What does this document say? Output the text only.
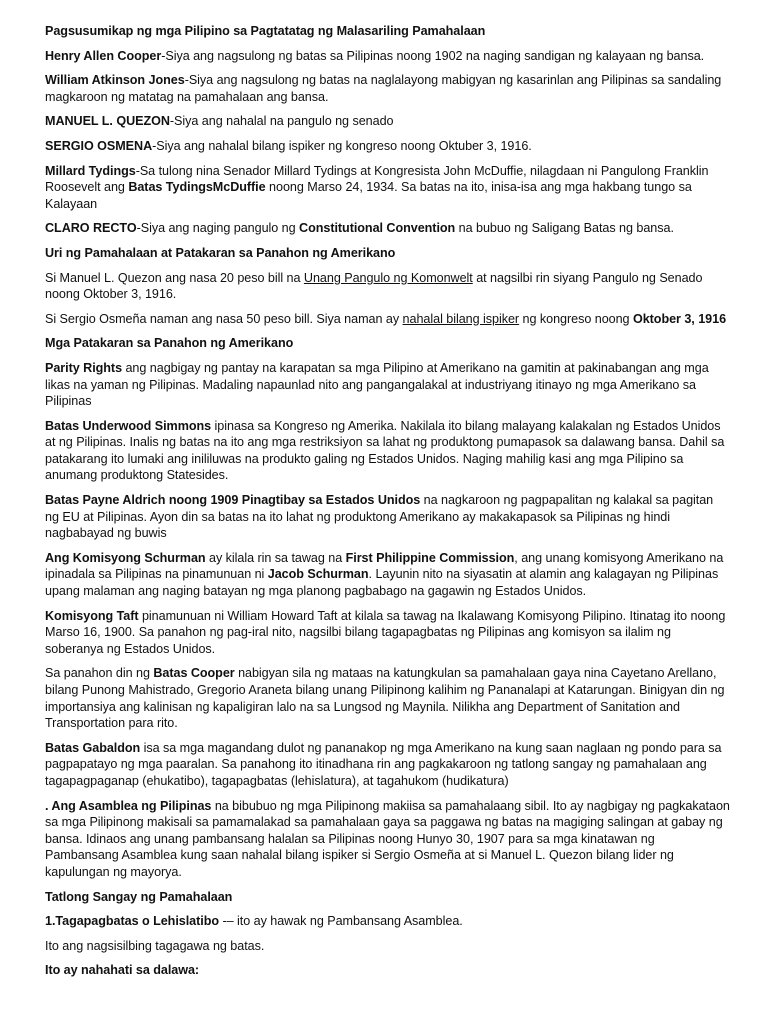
Pagsusumikap ng mga Pilipino sa Pagtatatag ng Malasariling Pamahalaan

Henry Allen Cooper-Siya ang nagsulong ng batas sa Pilipinas noong 1902 na naging sandigan ng kalayaan ng bansa.

William Atkinson Jones-Siya ang nagsulong ng batas na naglalayong mabigyan ng kasarinlan ang Pilipinas sa sandaling magkaroon ng matatag na pamahalaan ang bansa.

MANUEL L. QUEZON-Siya ang nahalal na pangulo ng senado

SERGIO OSMENA-Siya ang nahalal bilang ispiker ng kongreso noong Oktuber 3, 1916.

Millard Tydings-Sa tulong nina Senador Millard Tydings at Kongresista John McDuffie, nilagdaan ni Pangulong Franklin Roosevelt ang Batas TydingsMcDuffie noong Marso 24, 1934. Sa batas na ito, inisa-isa ang mga hakbang tungo sa Kalayaan

CLARO RECTO-Siya ang naging pangulo ng Constitutional Convention na bubuo ng Saligang Batas ng bansa.

Uri ng Pamahalaan at Patakaran sa Panahon ng Amerikano

Si Manuel L. Quezon ang nasa 20 peso bill na Unang Pangulo ng Komonwelt at nagsilbi rin siyang Pangulo ng Senado noong Oktober 3, 1916.

Si Sergio Osmeña naman ang nasa 50 peso bill. Siya naman ay nahalal bilang ispiker ng kongreso noong Oktober 3, 1916

Mga Patakaran sa Panahon ng Amerikano

Parity Rights ang nagbigay ng pantay na karapatan sa mga Pilipino at Amerikano na gamitin at pakinabangan ang mga likas na yaman ng Pilipinas. Madaling napaunlad nito ang pangangalakal at industriyang itinayo ng mga Amerikano sa Pilipinas

Batas Underwood Simmons ipinasa sa Kongreso ng Amerika. Nakilala ito bilang malayang kalakalan ng Estados Unidos at ng Pilipinas. Inalis ng batas na ito ang mga restriksiyon sa lahat ng produktong pumapasok sa dalawang bansa. Dahil sa patakarang ito lumaki ang inililuwas na produkto galing ng Estados Unidos. Naging mahilig kasi ang mga Pilipino sa anumang produktong Statesides.

Batas Payne Aldrich noong 1909 Pinagtibay sa Estados Unidos na nagkaroon ng pagpapalitan ng kalakal sa pagitan ng EU at Pilipinas. Ayon din sa batas na ito lahat ng produktong Amerikano ay makakapasok sa Pilipinas ng hindi nagbabayad ng buwis

Ang Komisyong Schurman ay kilala rin sa tawag na First Philippine Commission, ang unang komisyong Amerikano na ipinadala sa Pilipinas na pinamunuan ni Jacob Schurman. Layunin nito na siyasatin at alamin ang kalagayan ng Pilipinas upang malaman ang naging batayan ng mga planong pagbabago na gagawin ng Estados Unidos.

Komisyong Taft pinamunuan ni William Howard Taft at kilala sa tawag na Ikalawang Komisyong Pilipino. Itinatag ito noong Marso 16, 1900. Sa panahon ng pag-iral nito, nagsilbi bilang tagapagbatas ng Pilipinas ang komisyon sa ilalim ng soberanya ng Estados Unidos.

Sa panahon din ng Batas Cooper nabigyan sila ng mataas na katungkulan sa pamahalaan gaya nina Cayetano Arellano, bilang Punong Mahistrado, Gregorio Araneta bilang unang Pilipinong kalihim ng Pananalapi at Katarungan. Binigyan din ng importansiya ang kalinisan ng kapaligiran lalo na sa Lungsod ng Maynila. Nilikha ang Department of Sanitation and Transportation para rito.

Batas Gabaldon isa sa mga magandang dulot ng pananakop ng mga Amerikano na kung saan naglaan ng pondo para sa pagpapatayo ng mga paaralan. Sa panahong ito itinadhana rin ang pagkakaroon ng tatlong sangay ng pamahalaan ang tagapagpaganap (ehukatibo), tagapagbatas (lehislatura), at tagahukom (hudikatura)

. Ang Asamblea ng Pilipinas na bibubuo ng mga Pilipinong makiisa sa pamahalaang sibil. Ito ay nagbigay ng pagkakataon sa mga Pilipinong makisali sa pamamalakad sa pamahalaan gaya sa paggawa ng batas na magiging salingan at gabay ng bansa. Idinaos ang unang pambansang halalan sa Pilipinas noong Hunyo 30, 1907 para sa mga kinatawan ng Pambansang Asamblea kung saan nahalal bilang ispiker si Sergio Osmeña at si Manuel L. Quezon bilang lider ng kapulungan ng mayorya.

Tatlong Sangay ng Pamahalaan

1.Tagapagbatas o Lehislatibo -– ito ay hawak ng Pambansang Asamblea.

Ito ang nagsisilbing tagagawa ng batas.

Ito ay nahahati sa dalawa:
